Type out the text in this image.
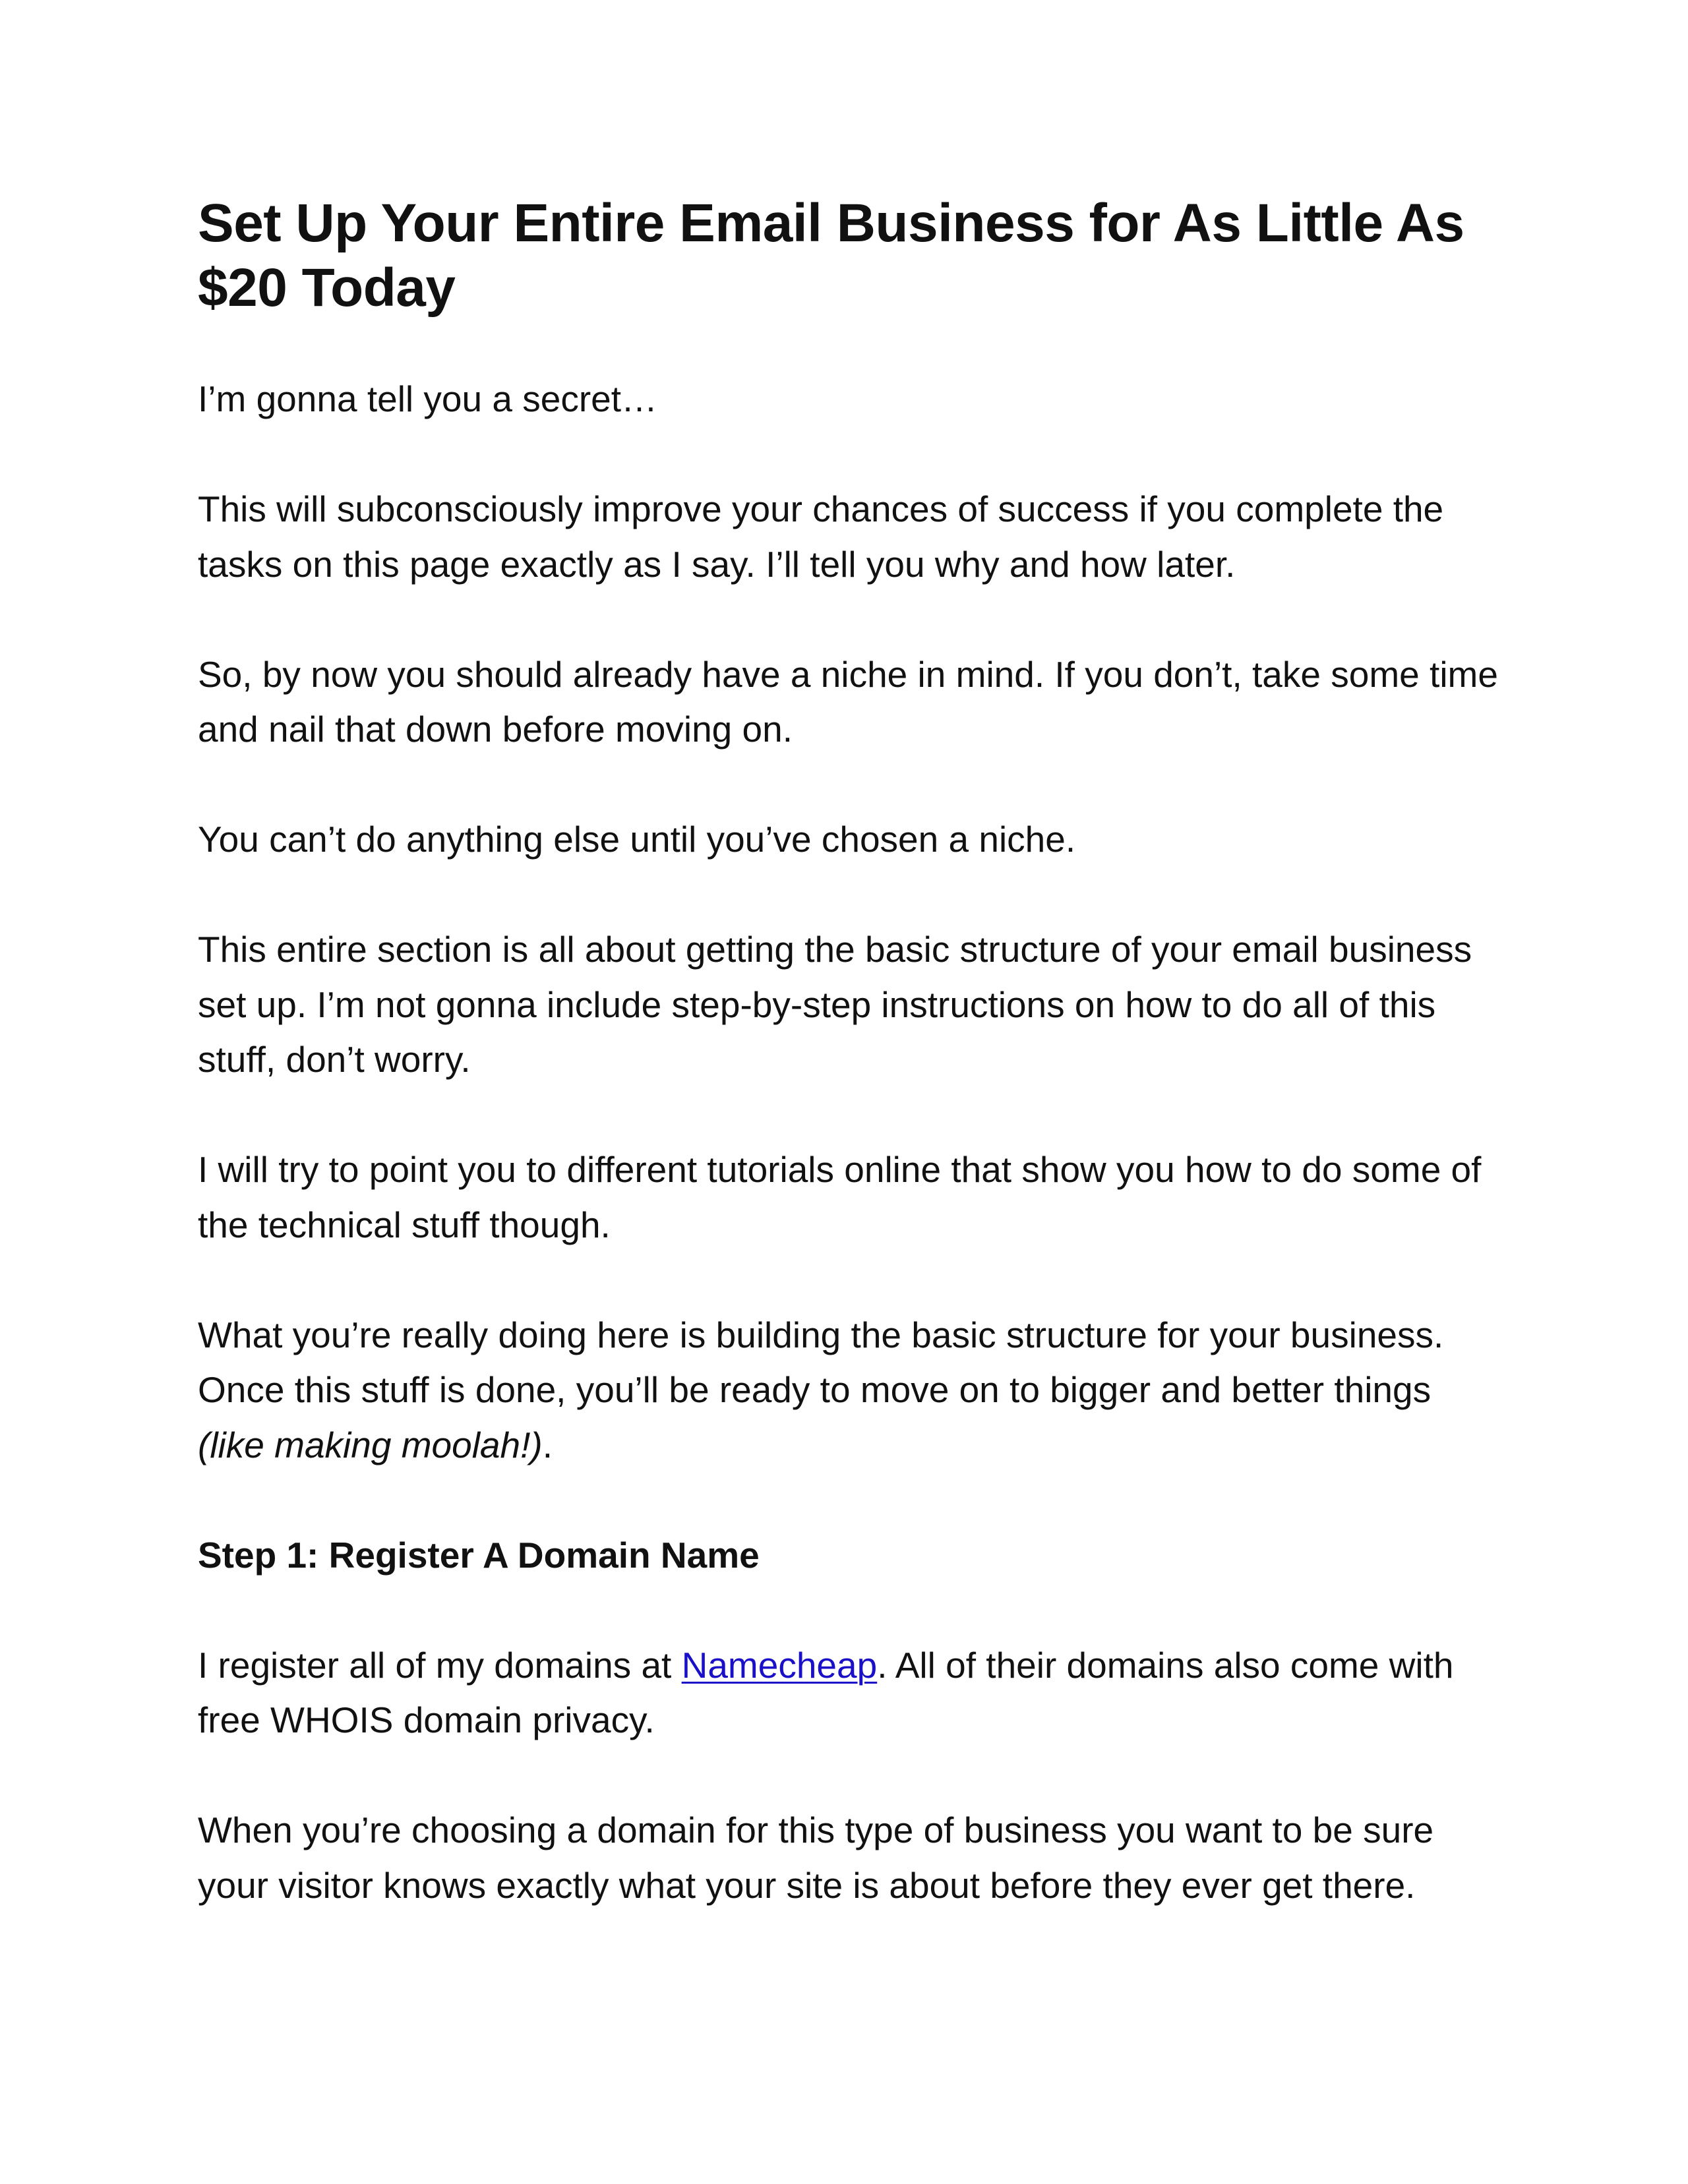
Set Up Your Entire Email Business for As Little As $20 Today

I’m gonna tell you a secret…

This will subconsciously improve your chances of success if you complete the tasks on this page exactly as I say. I’ll tell you why and how later.

So, by now you should already have a niche in mind. If you don’t, take some time and nail that down before moving on.

You can’t do anything else until you’ve chosen a niche.

This entire section is all about getting the basic structure of your email business set up. I’m not gonna include step-by-step instructions on how to do all of this stuff, don’t worry.

I will try to point you to different tutorials online that show you how to do some of the technical stuff though.

What you’re really doing here is building the basic structure for your business. Once this stuff is done, you’ll be ready to move on to bigger and better things (like making moolah!).

Step 1: Register A Domain Name

I register all of my domains at Namecheap. All of their domains also come with free WHOIS domain privacy.

When you’re choosing a domain for this type of business you want to be sure your visitor knows exactly what your site is about before they ever get there.
